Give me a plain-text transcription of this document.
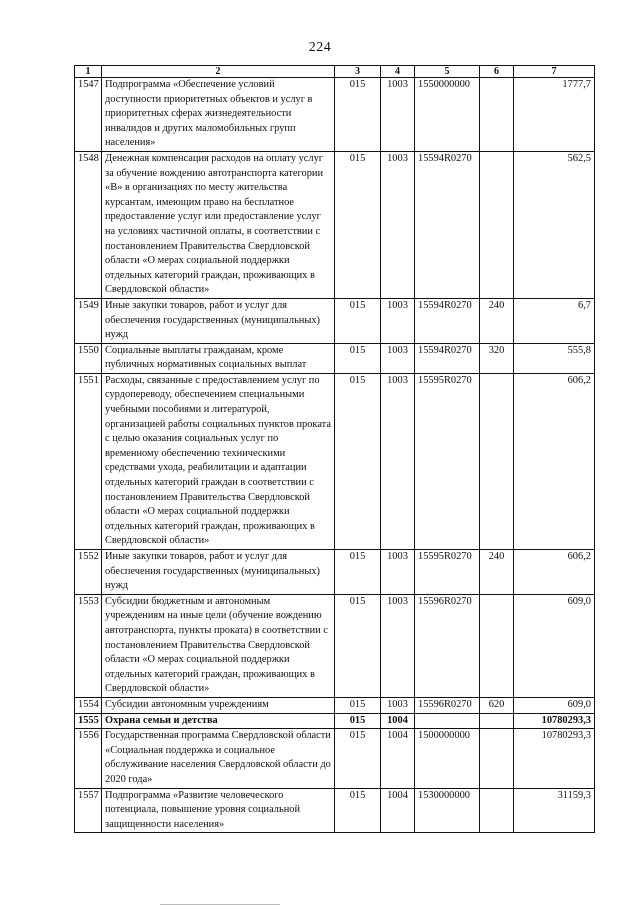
224
1	2	3	4	5	6	7
1547	Подпрограмма «Обеспечение условий доступности приоритетных объектов и услуг в приоритетных сферах жизнедеятельности инвалидов и других маломобильных групп населения»	015	1003	1550000000		1777,7
1548	Денежная компенсация расходов на оплату услуг за обучение вождению автотранспорта категории «В» в организациях по месту жительства курсантам, имеющим право на бесплатное предоставление услуг или предоставление услуг на условиях частичной оплаты, в соответствии с постановлением Правительства Свердловской области «О мерах социальной поддержки отдельных категорий граждан, проживающих в Свердловской области»	015	1003	15594R0270		562,5
1549	Иные закупки товаров, работ и услуг для обеспечения государственных (муниципальных) нужд	015	1003	15594R0270	240	6,7
1550	Социальные выплаты гражданам, кроме публичных нормативных социальных выплат	015	1003	15594R0270	320	555,8
1551	Расходы, связанные с предоставлением услуг по сурдопереводу, обеспечением специальными учебными пособиями и литературой, организацией работы социальных пунктов проката с целью оказания социальных услуг по временному обеспечению техническими средствами ухода, реабилитации и адаптации отдельных категорий граждан в соответствии с постановлением Правительства Свердловской области «О мерах социальной поддержки отдельных категорий граждан, проживающих в Свердловской области»	015	1003	15595R0270		606,2
1552	Иные закупки товаров, работ и услуг для обеспечения государственных (муниципальных) нужд	015	1003	15595R0270	240	606,2
1553	Субсидии бюджетным и автономным учреждениям на иные цели (обучение вождению автотранспорта, пункты проката) в соответствии с постановлением Правительства Свердловской области «О мерах социальной поддержки отдельных категорий граждан, проживающих в Свердловской области»	015	1003	15596R0270		609,0
1554	Субсидии автономным учреждениям	015	1003	15596R0270	620	609,0
1555	Охрана семьи и детства	015	1004			10780293,3
1556	Государственная программа Свердловской области «Социальная поддержка и социальное обслуживание населения Свердловской области до 2020 года»	015	1004	1500000000		10780293,3
1557	Подпрограмма «Развитие человеческого потенциала, повышение уровня социальной защищенности населения»	015	1004	1530000000		31159,3
